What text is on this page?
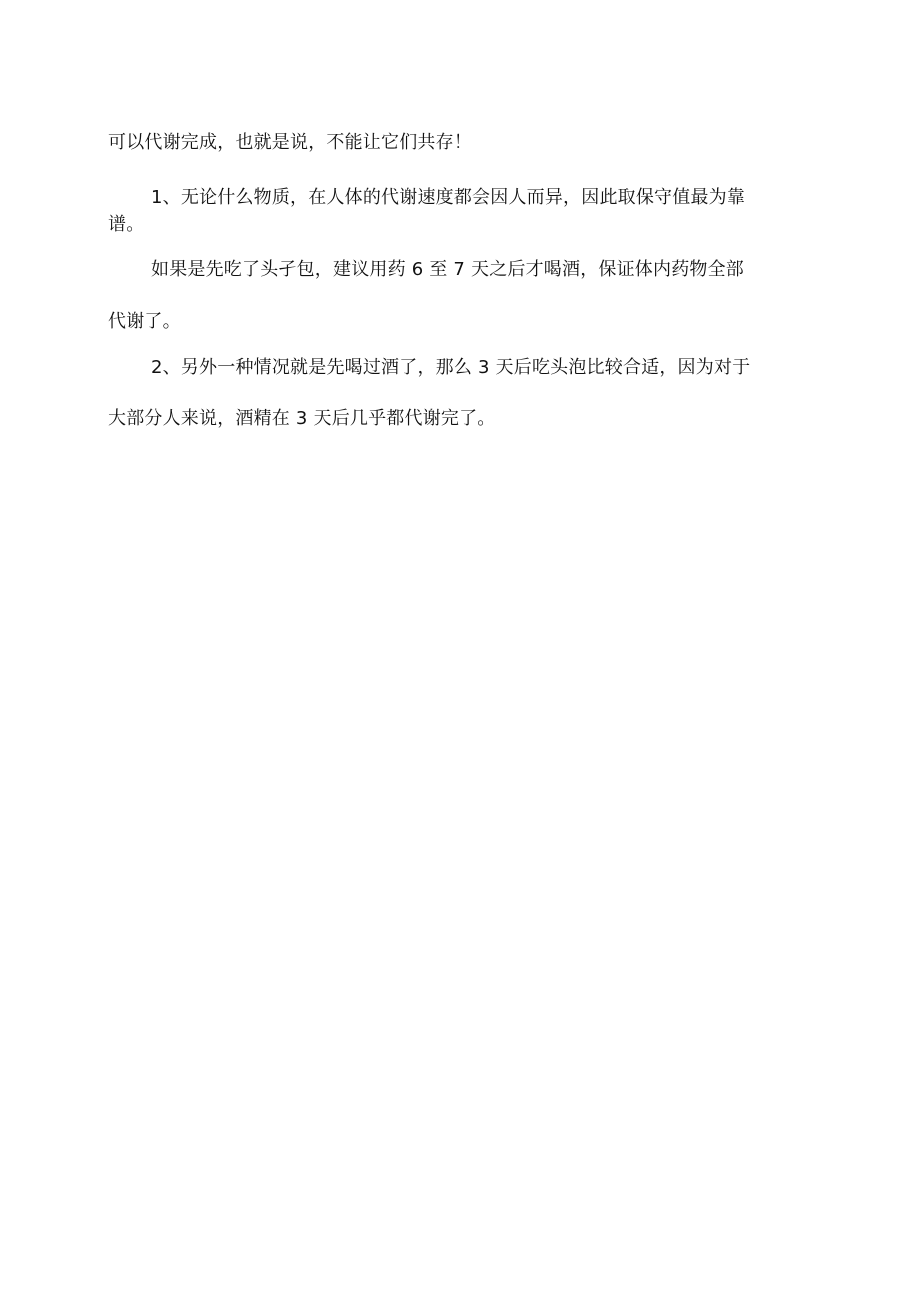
可以代谢完成，也就是说，不能让它们共存！
1、无论什么物质，在人体的代谢速度都会因人而异，因此取保守值最为靠
谱。
如果是先吃了头孑包，建议用药 6 至 7 天之后才喝酒，保证体内药物全部
代谢了。
2、另外一种情况就是先喝过酒了，那么 3 天后吃头泡比较合适，因为对于
大部分人来说，酒精在 3 天后几乎都代谢完了。
